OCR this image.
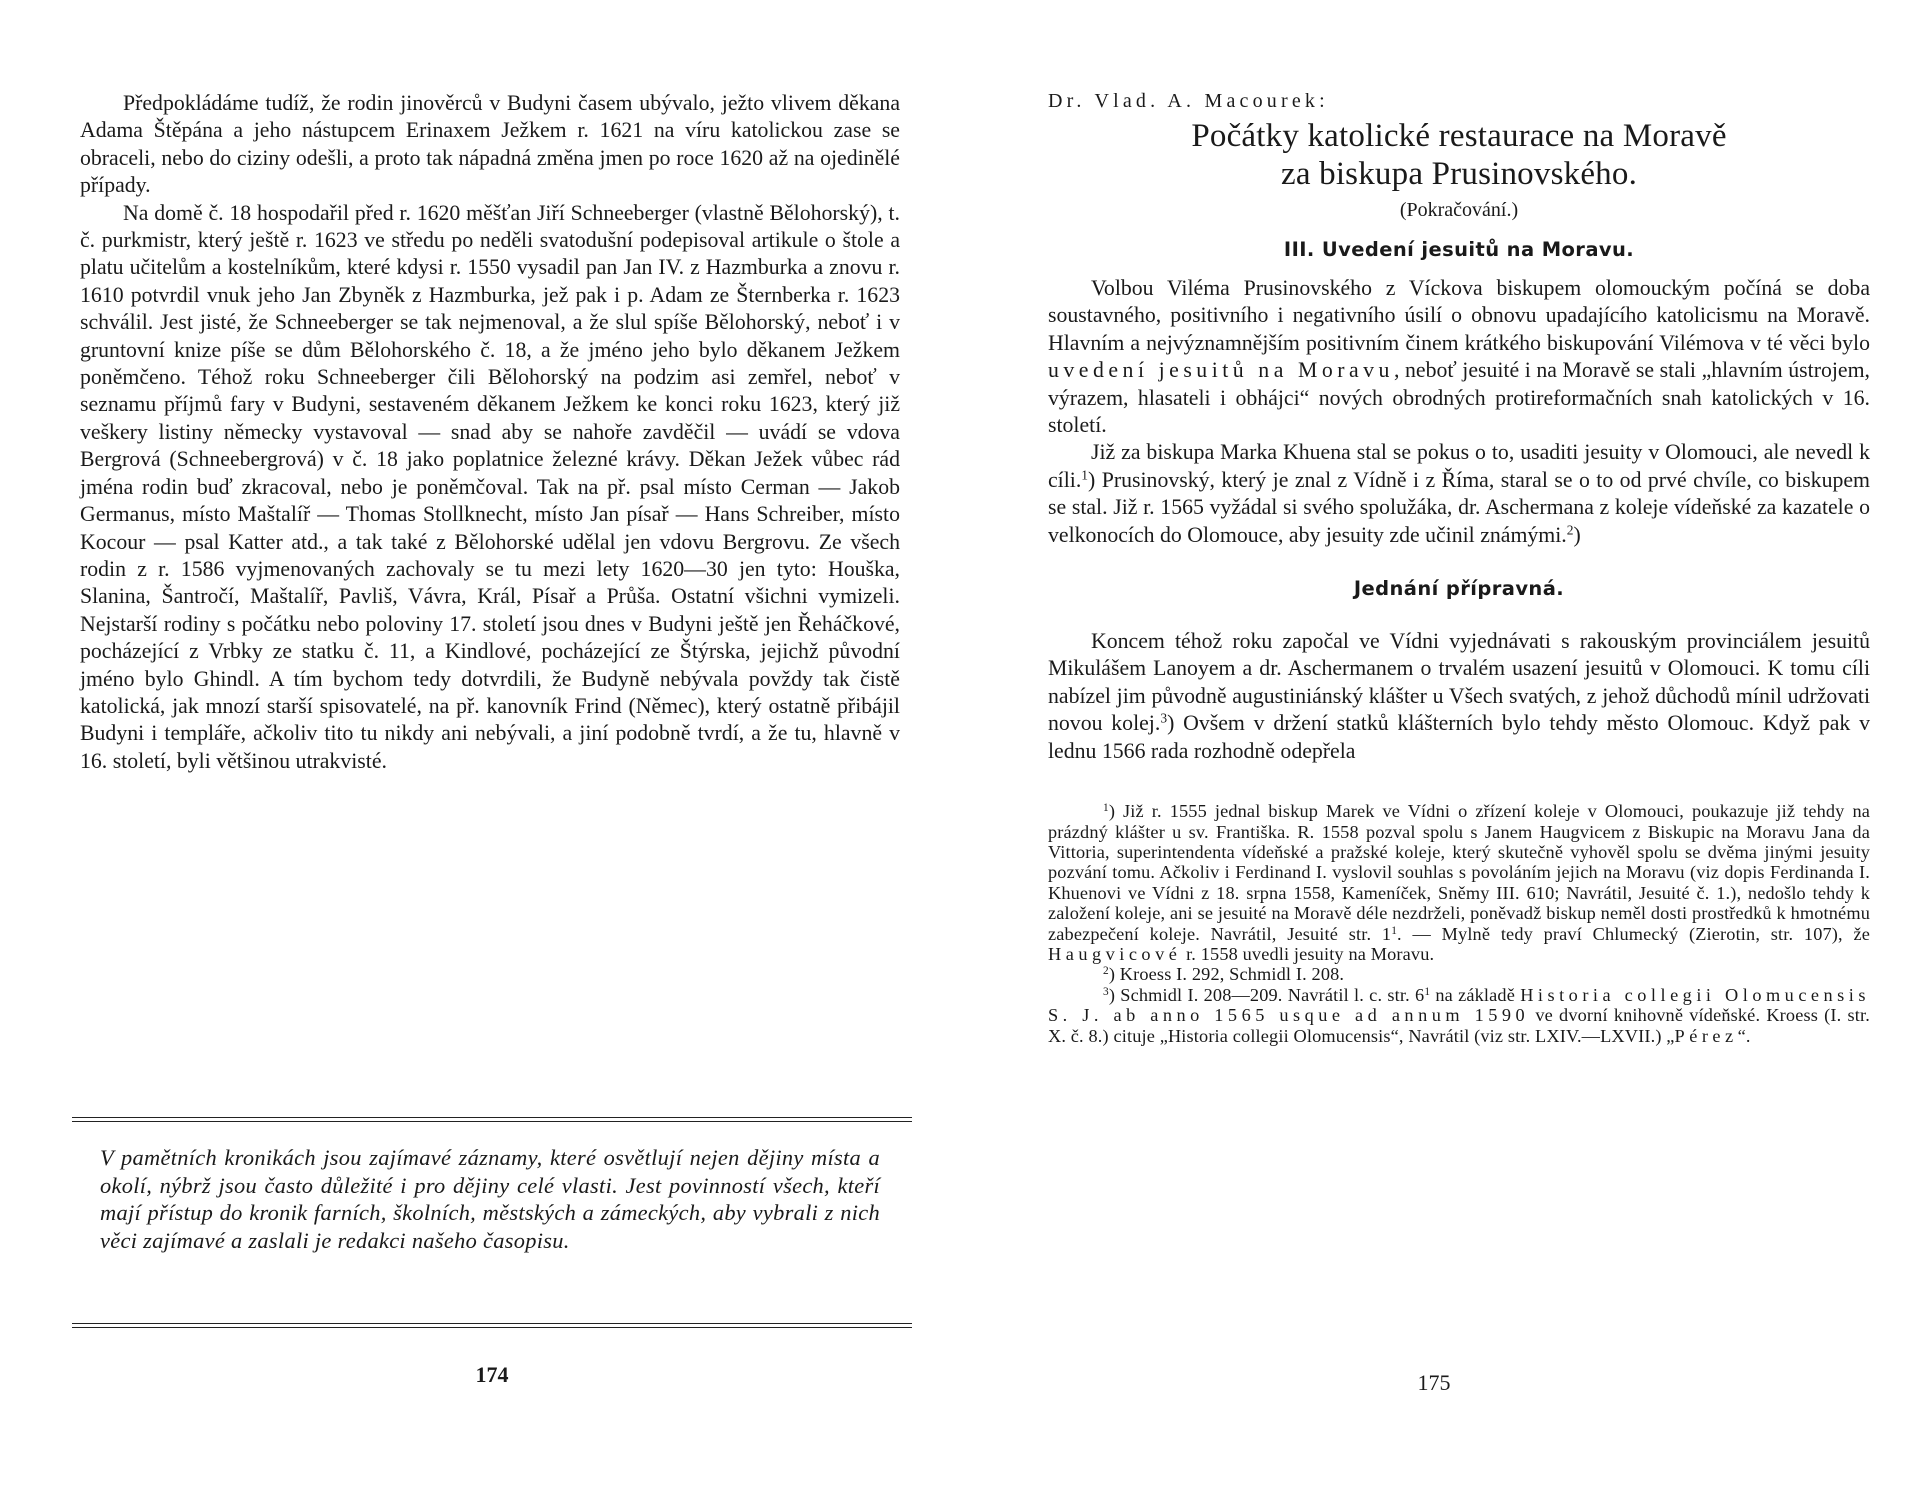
Předpokládáme tudíž, že rodin jinověrců v Budyni časem ubývalo, ježto vlivem děkana Adama Štěpána a jeho nástupcem Erinaxem Ježkem r. 1621 na víru katolickou zase se obraceli, nebo do ciziny odešli, a proto tak nápadná změna jmen po roce 1620 až na ojedinělé případy.

Na domě č. 18 hospodařil před r. 1620 měšťan Jiří Schneeberger (vlastně Bělohorský), t. č. purkmistr, který ještě r. 1623 ve středu po neděli svatodušní podepisoval artikule o štole a platu učitelům a kostelníkům, které kdysi r. 1550 vysadil pan Jan IV. z Hazmburka a znovu r. 1610 potvrdil vnuk jeho Jan Zbyněk z Hazmburka, jež pak i p. Adam ze Šternberka r. 1623 schválil. Jest jisté, že Schneeberger se tak nejmenoval, a že slul spíše Bělohorský, neboť i v gruntovní knize píše se dům Bělohorského č. 18, a že jméno jeho bylo děkanem Ježkem poněmčeno. Téhož roku Schneeberger čili Bělohorský na podzim asi zemřel, neboť v seznamu příjmů fary v Budyni, sestaveném děkanem Ježkem ke konci roku 1623, který již veškery listiny německy vystavoval — snad aby se nahoře zavděčil — uvádí se vdova Bergrová (Schneebergrová) v č. 18 jako poplatnice železné krávy. Děkan Ježek vůbec rád jména rodin buď zkracoval, nebo je poněmčoval. Tak na př. psal místo Cerman — Jakob Germanus, místo Maštalíř — Thomas Stollknecht, místo Jan písař — Hans Schreiber, místo Kocour — psal Katter atd., a tak také z Bělohorské udělal jen vdovu Bergrovu. Ze všech rodin z r. 1586 vyjmenovaných zachovaly se tu mezi lety 1620—30 jen tyto: Houška, Slanina, Šantročí, Maštalíř, Pavliš, Vávra, Král, Písař a Průša. Ostatní všichni vymizeli. Nejstarší rodiny s počátku nebo poloviny 17. století jsou dnes v Budyni ještě jen Řeháčkové, pocházející z Vrbky ze statku č. 11, a Kindlové, pocházející ze Štýrska, jejichž původní jméno bylo Ghindl. A tím bychom tedy dotvrdili, že Budyně nebývala povždy tak čistě katolická, jak mnozí starší spisovatelé, na př. kanovník Frind (Němec), který ostatně přibájil Budyni i templáře, ačkoliv tito tu nikdy ani nebývali, a jiní podobně tvrdí, a že tu, hlavně v 16. století, byli většinou utrakvisté.

V pamětních kronikách jsou zajímavé záznamy, které osvětlují nejen dějiny místa a okolí, nýbrž jsou často důležité i pro dějiny celé vlasti. Jest povinností všech, kteří mají přístup do kronik farních, školních, městských a zámeckých, aby vybrali z nich věci zajímavé a zaslali je redakci našeho časopisu.

174

Dr. Vlad. A. Macourek:

Počátky katolické restaurace na Moravě
za biskupa Prusinovského.

(Pokračování.)

III. Uvedení jesuitů na Moravu.

Volbou Viléma Prusinovského z Víckova biskupem olomouckým počíná se doba soustavného, positivního i negativního úsilí o obnovu upadajícího katolicismu na Moravě. Hlavním a nejvýznamnějším positivním činem krátkého biskupování Vilémova v té věci bylo uvedení jesuitů na Moravu, neboť jesuité i na Moravě se stali „hlavním ústrojem, výrazem, hlasateli i obhájci“ nových obrodných protireformačních snah katolických v 16. století.

Již za biskupa Marka Khuena stal se pokus o to, usaditi jesuity v Olomouci, ale nevedl k cíli.$^1$) Prusinovský, který je znal z Vídně i z Říma, staral se o to od prvé chvíle, co biskupem se stal. Již r. 1565 vyžádal si svého spolužáka, dr. Aschermana z koleje vídeňské za kazatele o velkonocích do Olomouce, aby jesuity zde učinil známými.$^2$)

Jednání přípravná.

Koncem téhož roku započal ve Vídni vyjednávati s rakouským provinciálem jesuitů Mikulášem Lanoyem a dr. Aschermanem o trvalém usazení jesuitů v Olomouci. K tomu cíli nabízel jim původně augustiniánský klášter u Všech svatých, z jehož důchodů mínil udržovati novou kolej.$^3$) Ovšem v držení statků klášterních bylo tehdy město Olomouc. Když pak v lednu 1566 rada rozhodně odepřela

$^1$) Již r. 1555 jednal biskup Marek ve Vídni o zřízení koleje v Olomouci, poukazuje již tehdy na prázdný klášter u sv. Františka. R. 1558 pozval spolu s Janem Haugvicem z Biskupic na Moravu Jana da Vittoria, superintendenta vídeňské a pražské koleje, který skutečně vyhověl spolu se dvěma jinými jesuity pozvání tomu. Ačkoliv i Ferdinand I. vyslovil souhlas s povoláním jejich na Moravu (viz dopis Ferdinanda I. Khuenovi ve Vídni z 18. srpna 1558, Kameníček, Sněmy III. 610; Navrátil, Jesuité č. 1.), nedošlo tehdy k založení koleje, ani se jesuité na Moravě déle nezdrželi, poněvadž biskup neměl dosti prostředků k hmotnému zabezpečení koleje. Navrátil, Jesuité str. $1^1$. — Mylně tedy praví Chlumecký (Zierotin, str. 107), že Haugvicové r. 1558 uvedli jesuity na Moravu.

$^2$) Kroess I. 292, Schmidl I. 208.

$^3$) Schmidl I. 208—209. Navrátil l. c. str. $6^1$ na základě Historia collegii Olomucensis S. J. ab anno 1565 usque ad annum 1590 ve dvorní knihovně vídeňské. Kroess (I. str. X. č. 8.) cituje „Historia collegii Olomucensis“, Navrátil (viz str. LXIV.—LXVII.) „Pérez“.

175
